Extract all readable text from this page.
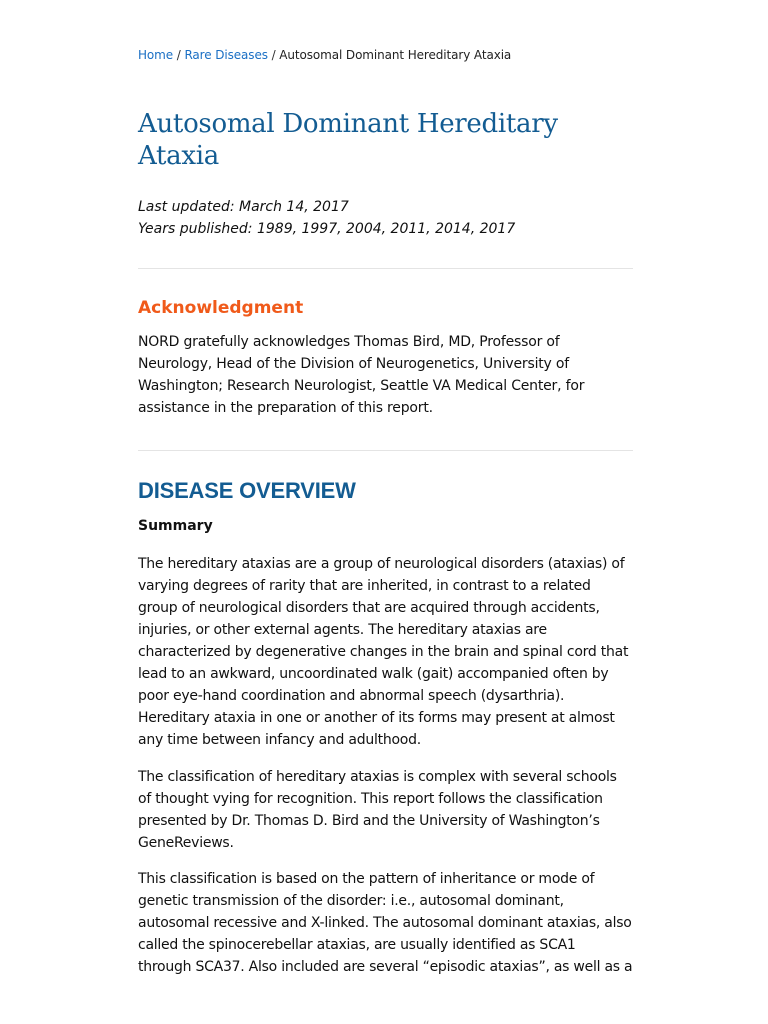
Home / Rare Diseases / Autosomal Dominant Hereditary Ataxia
Autosomal Dominant Hereditary Ataxia
Last updated: March 14, 2017
Years published: 1989, 1997, 2004, 2011, 2014, 2017
Acknowledgment

NORD gratefully acknowledges Thomas Bird, MD, Professor of Neurology, Head of the Division of Neurogenetics, University of Washington; Research Neurologist, Seattle VA Medical Center, for assistance in the preparation of this report.

DISEASE OVERVIEW
Summary

The hereditary ataxias are a group of neurological disorders (ataxias) of varying degrees of rarity that are inherited, in contrast to a related group of neurological disorders that are acquired through accidents, injuries, or other external agents. The hereditary ataxias are characterized by degenerative changes in the brain and spinal cord that lead to an awkward, uncoordinated walk (gait) accompanied often by poor eye-hand coordination and abnormal speech (dysarthria). Hereditary ataxia in one or another of its forms may present at almost any time between infancy and adulthood.

The classification of hereditary ataxias is complex with several schools of thought vying for recognition. This report follows the classification presented by Dr. Thomas D. Bird and the University of Washington’s GeneReviews.

This classification is based on the pattern of inheritance or mode of genetic transmission of the disorder: i.e., autosomal dominant, autosomal recessive and X-linked. The autosomal dominant ataxias, also called the spinocerebellar ataxias, are usually identified as SCA1 through SCA37. Also included are several “episodic ataxias”, as well as a
